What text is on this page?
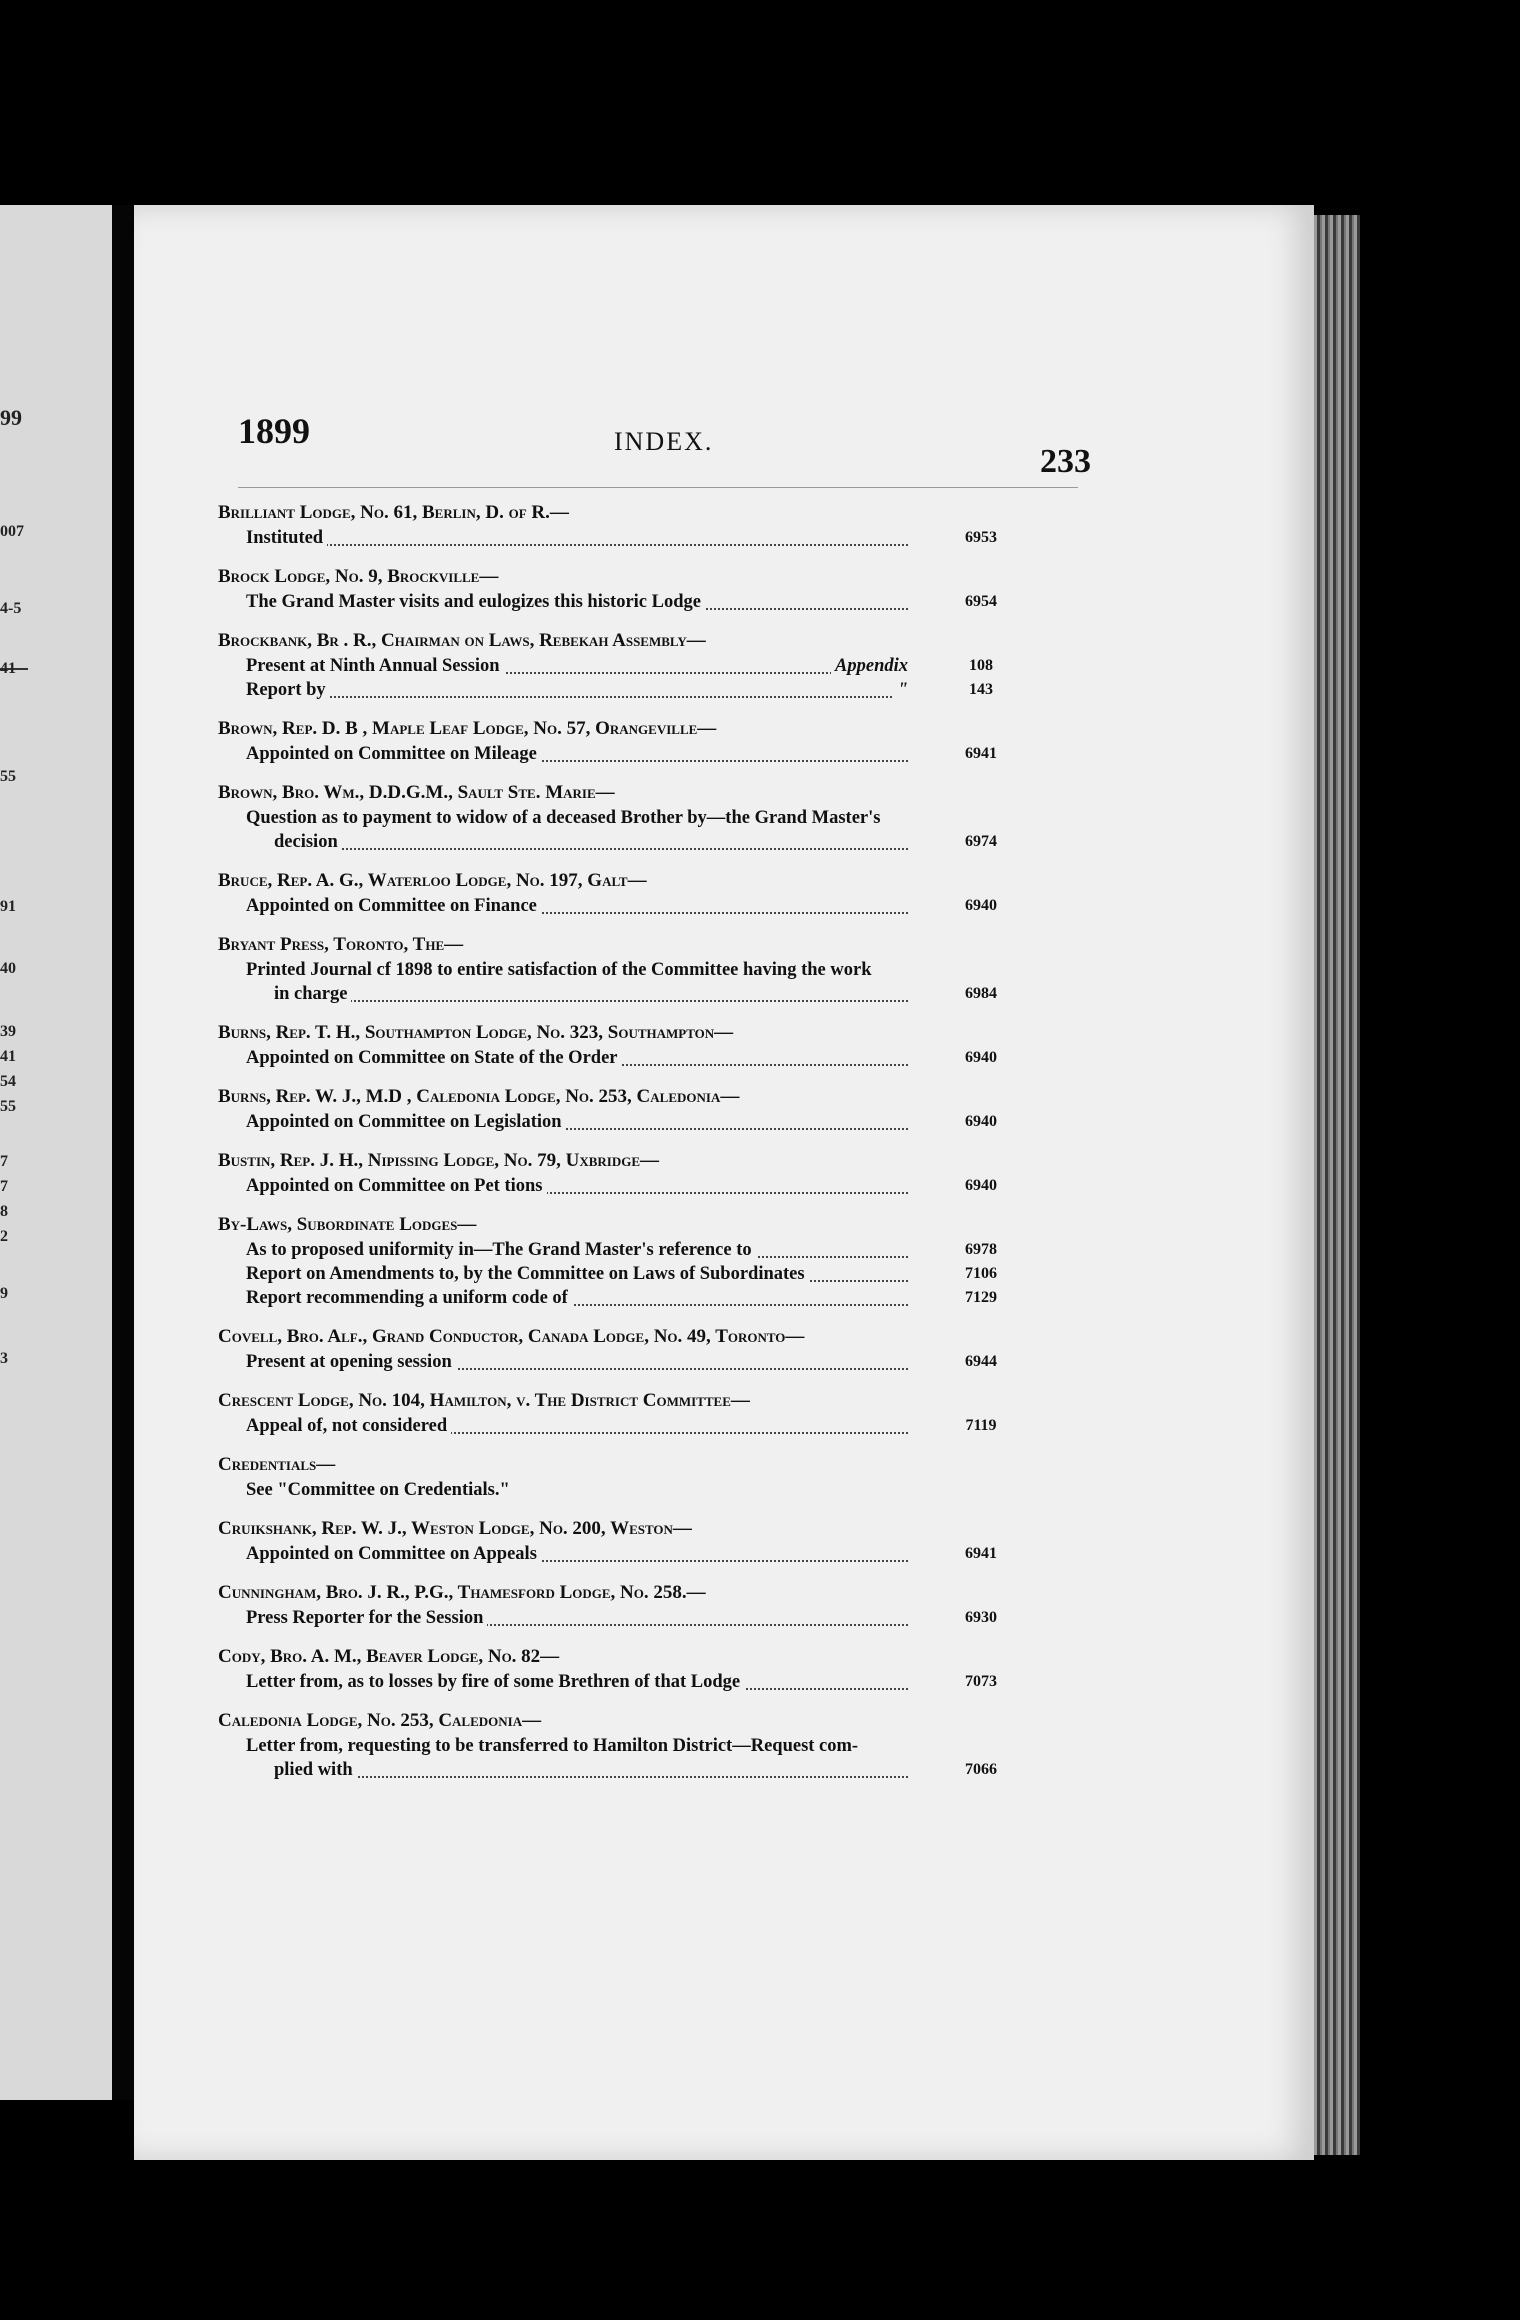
99
007
4-5
41
55
91
40
39
41
54
55
7
7
8
2
9
3
1899	INDEX.
233
Brilliant Lodge, No. 61, Berlin, D. of R.—
Instituted	6953
Brock Lodge, No. 9, Brockville—
The Grand Master visits and eulogizes this historic Lodge	6954
Brockbank, Br . R., Chairman on Laws, Rebekah Assembly—
Present at Ninth Annual Session	Appendix	108
Report by	"	143
Brown, Rep. D. B , Maple Leaf Lodge, No. 57, Orangeville—
Appointed on Committee on Mileage	6941
Brown, Bro. Wm., D.D.G.M., Sault Ste. Marie—
Question as to payment to widow of a deceased Brother by—the Grand Master's
decision	6974
Bruce, Rep. A. G., Waterloo Lodge, No. 197, Galt—
Appointed on Committee on Finance	6940
Bryant Press, Toronto, The—
Printed Journal cf 1898 to entire satisfaction of the Committee having the work
in charge	6984
Burns, Rep. T. H., Southampton Lodge, No. 323, Southampton—
Appointed on Committee on State of the Order	6940
Burns, Rep. W. J., M.D , Caledonia Lodge, No. 253, Caledonia—
Appointed on Committee on Legislation	6940
Bustin, Rep. J. H., Nipissing Lodge, No. 79, Uxbridge—
Appointed on Committee on Pet tions	6940
By-Laws, Subordinate Lodges—
As to proposed uniformity in—The Grand Master's reference to	6978
Report on Amendments to, by the Committee on Laws of Subordinates	7106
Report recommending a uniform code of	7129
Covell, Bro. Alf., Grand Conductor, Canada Lodge, No. 49, Toronto—
Present at opening session	6944
Crescent Lodge, No. 104, Hamilton, v. The District Committee—
Appeal of, not considered	7119
Credentials—
See "Committee on Credentials."
Cruikshank, Rep. W. J., Weston Lodge, No. 200, Weston—
Appointed on Committee on Appeals	6941
Cunningham, Bro. J. R., P.G., Thamesford Lodge, No. 258.—
Press Reporter for the Session	6930
Cody, Bro. A. M., Beaver Lodge, No. 82—
Letter from, as to losses by fire of some Brethren of that Lodge	7073
Caledonia Lodge, No. 253, Caledonia—
Letter from, requesting to be transferred to Hamilton District—Request com-
plied with	7066
